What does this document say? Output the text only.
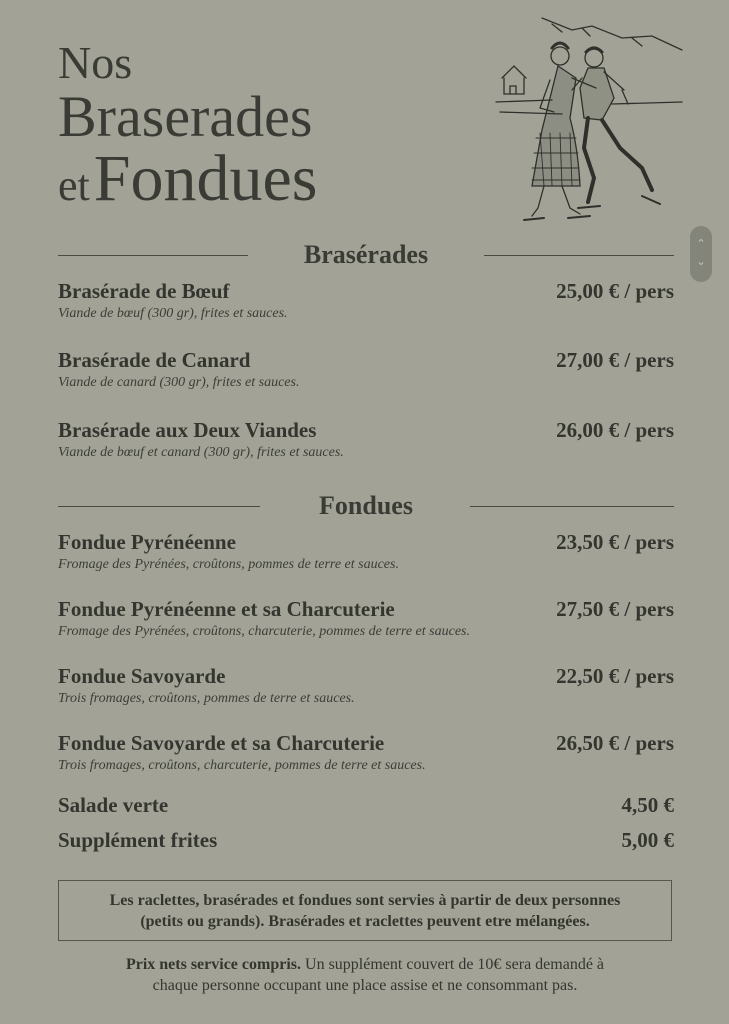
Nos
Braserades
et Fondues
⌃
⌄
Brasérades
Brasérade de Bœuf	25,00 € / pers
Viande de bœuf (300 gr), frites et sauces.
Brasérade de Canard	27,00 € / pers
Viande de canard (300 gr), frites et sauces.
Brasérade aux Deux Viandes	26,00 € / pers
Viande de bœuf et canard (300 gr), frites et sauces.
Fondues
Fondue Pyrénéenne	23,50 € / pers
Fromage des Pyrénées, croûtons, pommes de terre et sauces.
Fondue Pyrénéenne et sa Charcuterie	27,50 € / pers
Fromage des Pyrénées, croûtons, charcuterie, pommes de terre et sauces.
Fondue Savoyarde	22,50 € / pers
Trois fromages, croûtons, pommes de terre et sauces.
Fondue Savoyarde et sa Charcuterie	26,50 € / pers
Trois fromages, croûtons, charcuterie, pommes de terre et sauces.
Salade verte	4,50 €
Supplément frites	5,00 €
Les raclettes, brasérades et fondues sont servies à partir de deux personnes
(petits ou grands). Brasérades et raclettes peuvent etre mélangées.
Prix nets service compris. Un supplément couvert de 10€ sera demandé à
chaque personne occupant une place assise et ne consommant pas.
